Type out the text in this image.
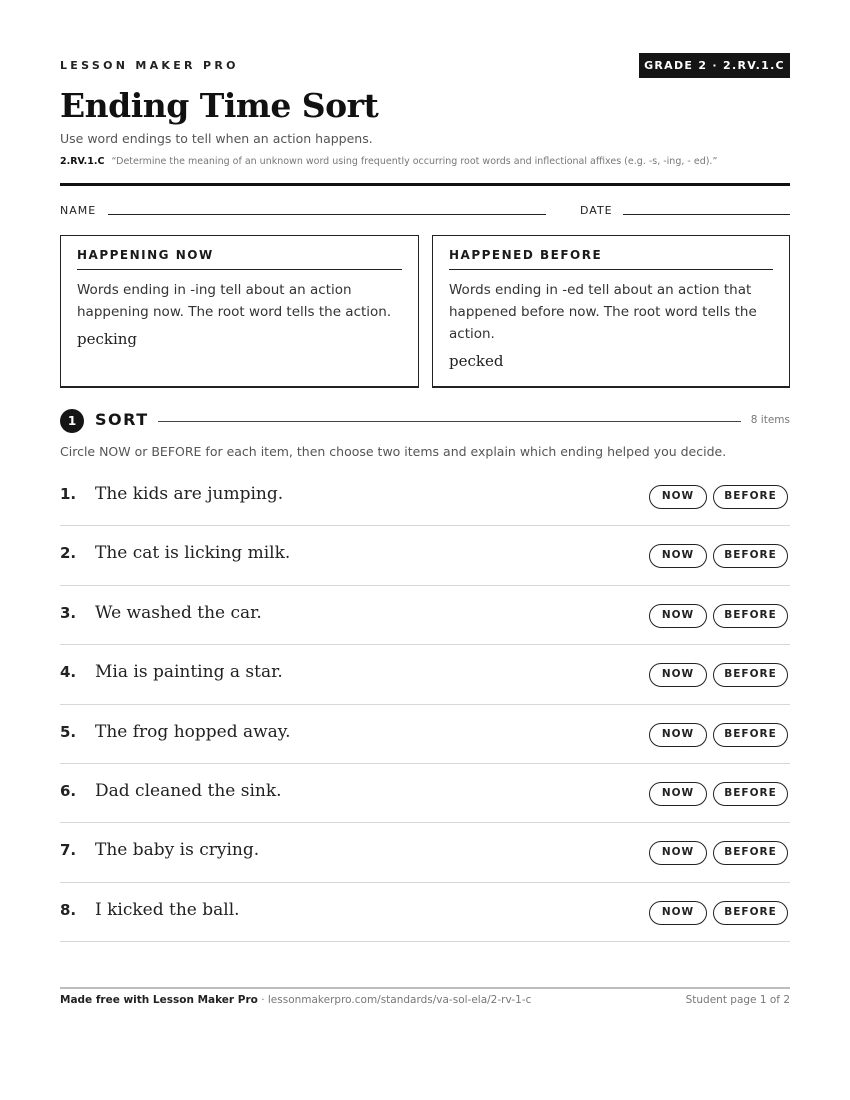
LESSON MAKER PRO	GRADE 2 · 2.RV.1.C
Ending Time Sort
Use word endings to tell when an action happens.
2.RV.1.C “Determine the meaning of an unknown word using frequently occurring root words and inflectional affixes (e.g. -s, -ing, - ed).”
NAME	DATE
HAPPENING NOW
Words ending in -ing tell about an action happening now. The root word tells the action.
pecking
HAPPENED BEFORE
Words ending in -ed tell about an action that happened before now. The root word tells the action.
pecked
1	SORT	8 items
Circle NOW or BEFORE for each item, then choose two items and explain which ending helped you decide.
1. The kids are jumping.	NOW	BEFORE
2. The cat is licking milk.	NOW	BEFORE
3. We washed the car.	NOW	BEFORE
4. Mia is painting a star.	NOW	BEFORE
5. The frog hopped away.	NOW	BEFORE
6. Dad cleaned the sink.	NOW	BEFORE
7. The baby is crying.	NOW	BEFORE
8. I kicked the ball.	NOW	BEFORE
Made free with Lesson Maker Pro · lessonmakerpro.com/standards/va-sol-ela/2-rv-1-c	Student page 1 of 2
